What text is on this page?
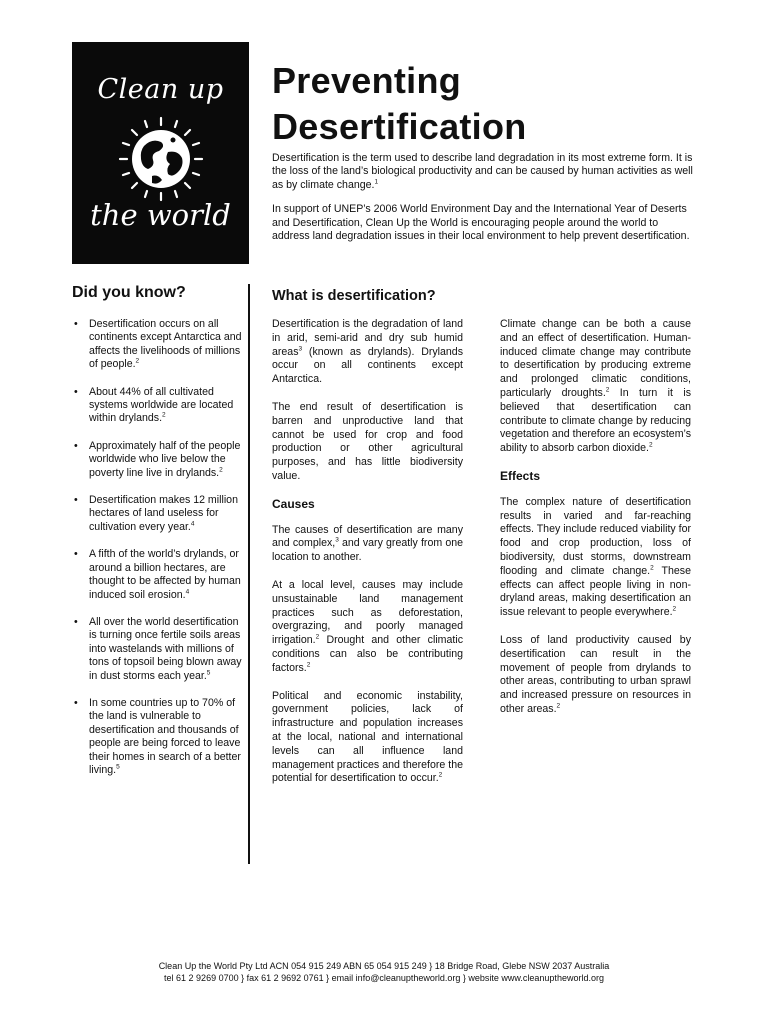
Clean up
the world
Preventing
Desertification

Desertification is the term used to describe land degradation in its most extreme form. It is the loss of the land’s biological productivity and can be caused by human activities as well as by climate change.$^1$

In support of UNEP’s 2006 World Environment Day and the International Year of Deserts and Desertification, Clean Up the World is encouraging people around the world to address land degradation issues in their local environment to help prevent desertification.

Did you know?
• Desertification occurs on all continents except Antarctica and affects the livelihoods of millions of people.$^2$
• About 44% of all cultivated systems worldwide are located within drylands.$^2$
• Approximately half of the people worldwide who live below the poverty line live in drylands.$^2$
• Desertification makes 12 million hectares of land useless for cultivation every year.$^4$
• A fifth of the world’s drylands, or around a billion hectares, are thought to be affected by human induced soil erosion.$^4$
• All over the world desertification is turning once fertile soils areas into wastelands with millions of tons of topsoil being blown away in dust storms each year.$^5$
• In some countries up to 70% of the land is vulnerable to desertification and thousands of people are being forced to leave their homes in search of a better living.$^5$
What is desertification?

Desertification is the degradation of land in arid, semi-arid and dry sub humid areas$^3$ (known as drylands). Drylands occur on all continents except Antarctica.

The end result of desertification is barren and unproductive land that cannot be used for crop and food production or other agricultural purposes, and has little biodiversity value.

Causes

The causes of desertification are many and complex,$^3$ and vary greatly from one location to another.

At a local level, causes may include unsustainable land management practices such as deforestation, overgrazing, and poorly managed irrigation.$^2$ Drought and other climatic conditions can also be contributing factors.$^2$

Political and economic instability, government policies, lack of infrastructure and population increases at the local, national and international levels can all influence land management practices and therefore the potential for desertification to occur.$^2$

Climate change can be both a cause and an effect of desertification. Human-induced climate change may contribute to desertification by producing extreme and prolonged climatic conditions, particularly droughts.$^2$ In turn it is believed that desertification can contribute to climate change by reducing vegetation and therefore an ecosystem’s ability to absorb carbon dioxide.$^2$

Effects

The complex nature of desertification results in varied and far-reaching effects. They include reduced viability for food and crop production, loss of biodiversity, dust storms, downstream flooding and climate change.$^2$ These effects can affect people living in non-dryland areas, making desertification an issue relevant to people everywhere.$^2$

Loss of land productivity caused by desertification can result in the movement of people from drylands to other areas, contributing to urban sprawl and increased pressure on resources in other areas.$^2$

Clean Up the World Pty Ltd ACN 054 915 249 ABN 65 054 915 249 } 18 Bridge Road, Glebe NSW 2037 Australia
tel 61 2 9269 0700 } fax 61 2 9692 0761 } email info@cleanuptheworld.org } website www.cleanuptheworld.org
